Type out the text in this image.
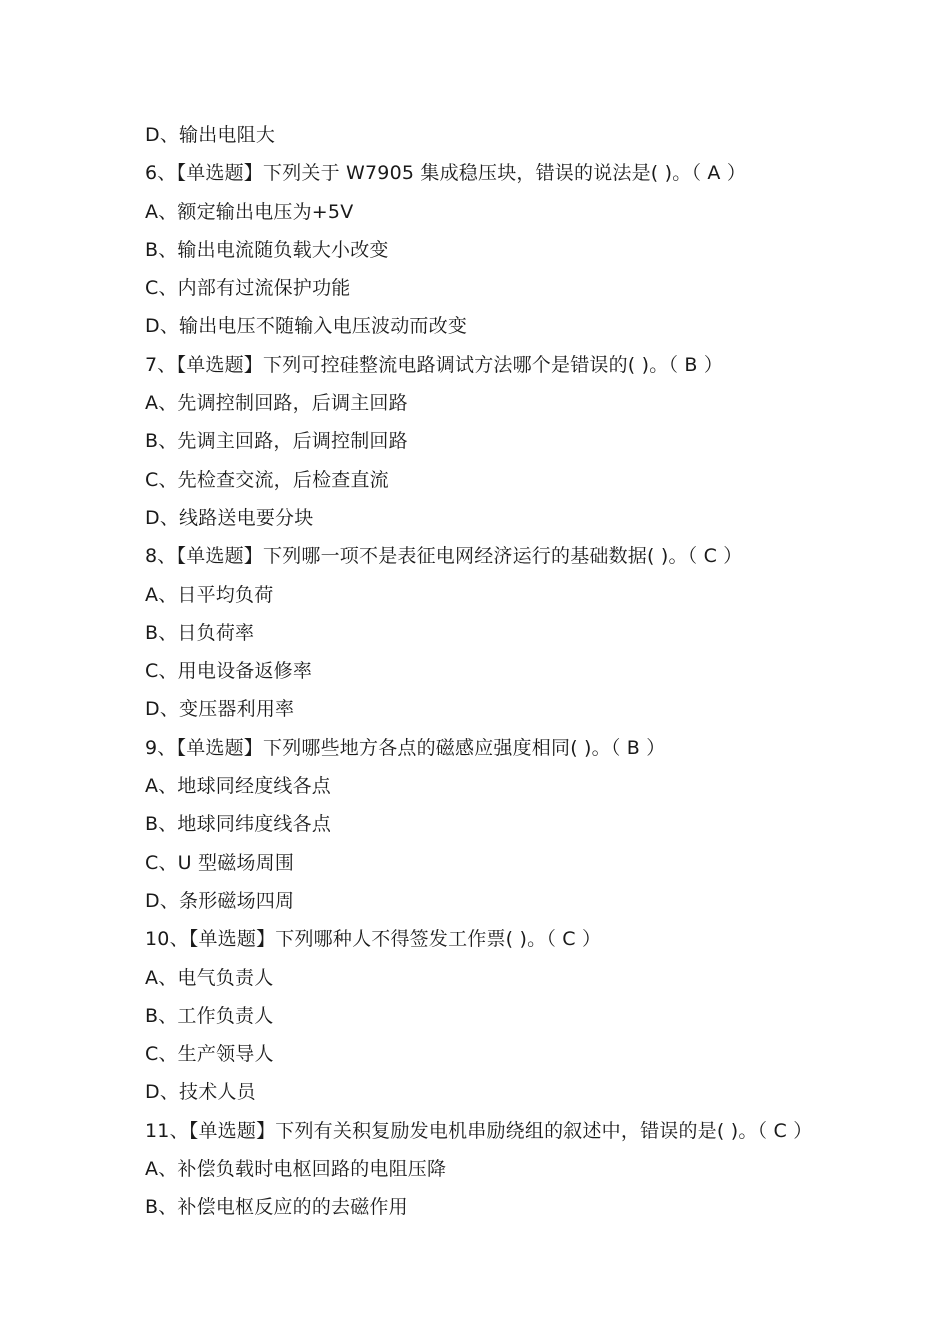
D、输出电阻大
6、【单选题】下列关于 W7905 集成稳压块，错误的说法是( )。（ A ）
A、额定输出电压为+5V
B、输出电流随负载大小改变
C、内部有过流保护功能
D、输出电压不随输入电压波动而改变
7、【单选题】下列可控硅整流电路调试方法哪个是错误的( )。（ B ）
A、先调控制回路，后调主回路
B、先调主回路，后调控制回路
C、先检查交流，后检查直流
D、线路送电要分块
8、【单选题】下列哪一项不是表征电网经济运行的基础数据( )。（ C ）
A、日平均负荷
B、日负荷率
C、用电设备返修率
D、变压器利用率
9、【单选题】下列哪些地方各点的磁感应强度相同( )。（ B ）
A、地球同经度线各点
B、地球同纬度线各点
C、U 型磁场周围
D、条形磁场四周
10、【单选题】下列哪种人不得签发工作票( )。（ C ）
A、电气负责人
B、工作负责人
C、生产领导人
D、技术人员
11、【单选题】下列有关积复励发电机串励绕组的叙述中，错误的是( )。（ C ）
A、补偿负载时电枢回路的电阻压降
B、补偿电枢反应的的去磁作用
